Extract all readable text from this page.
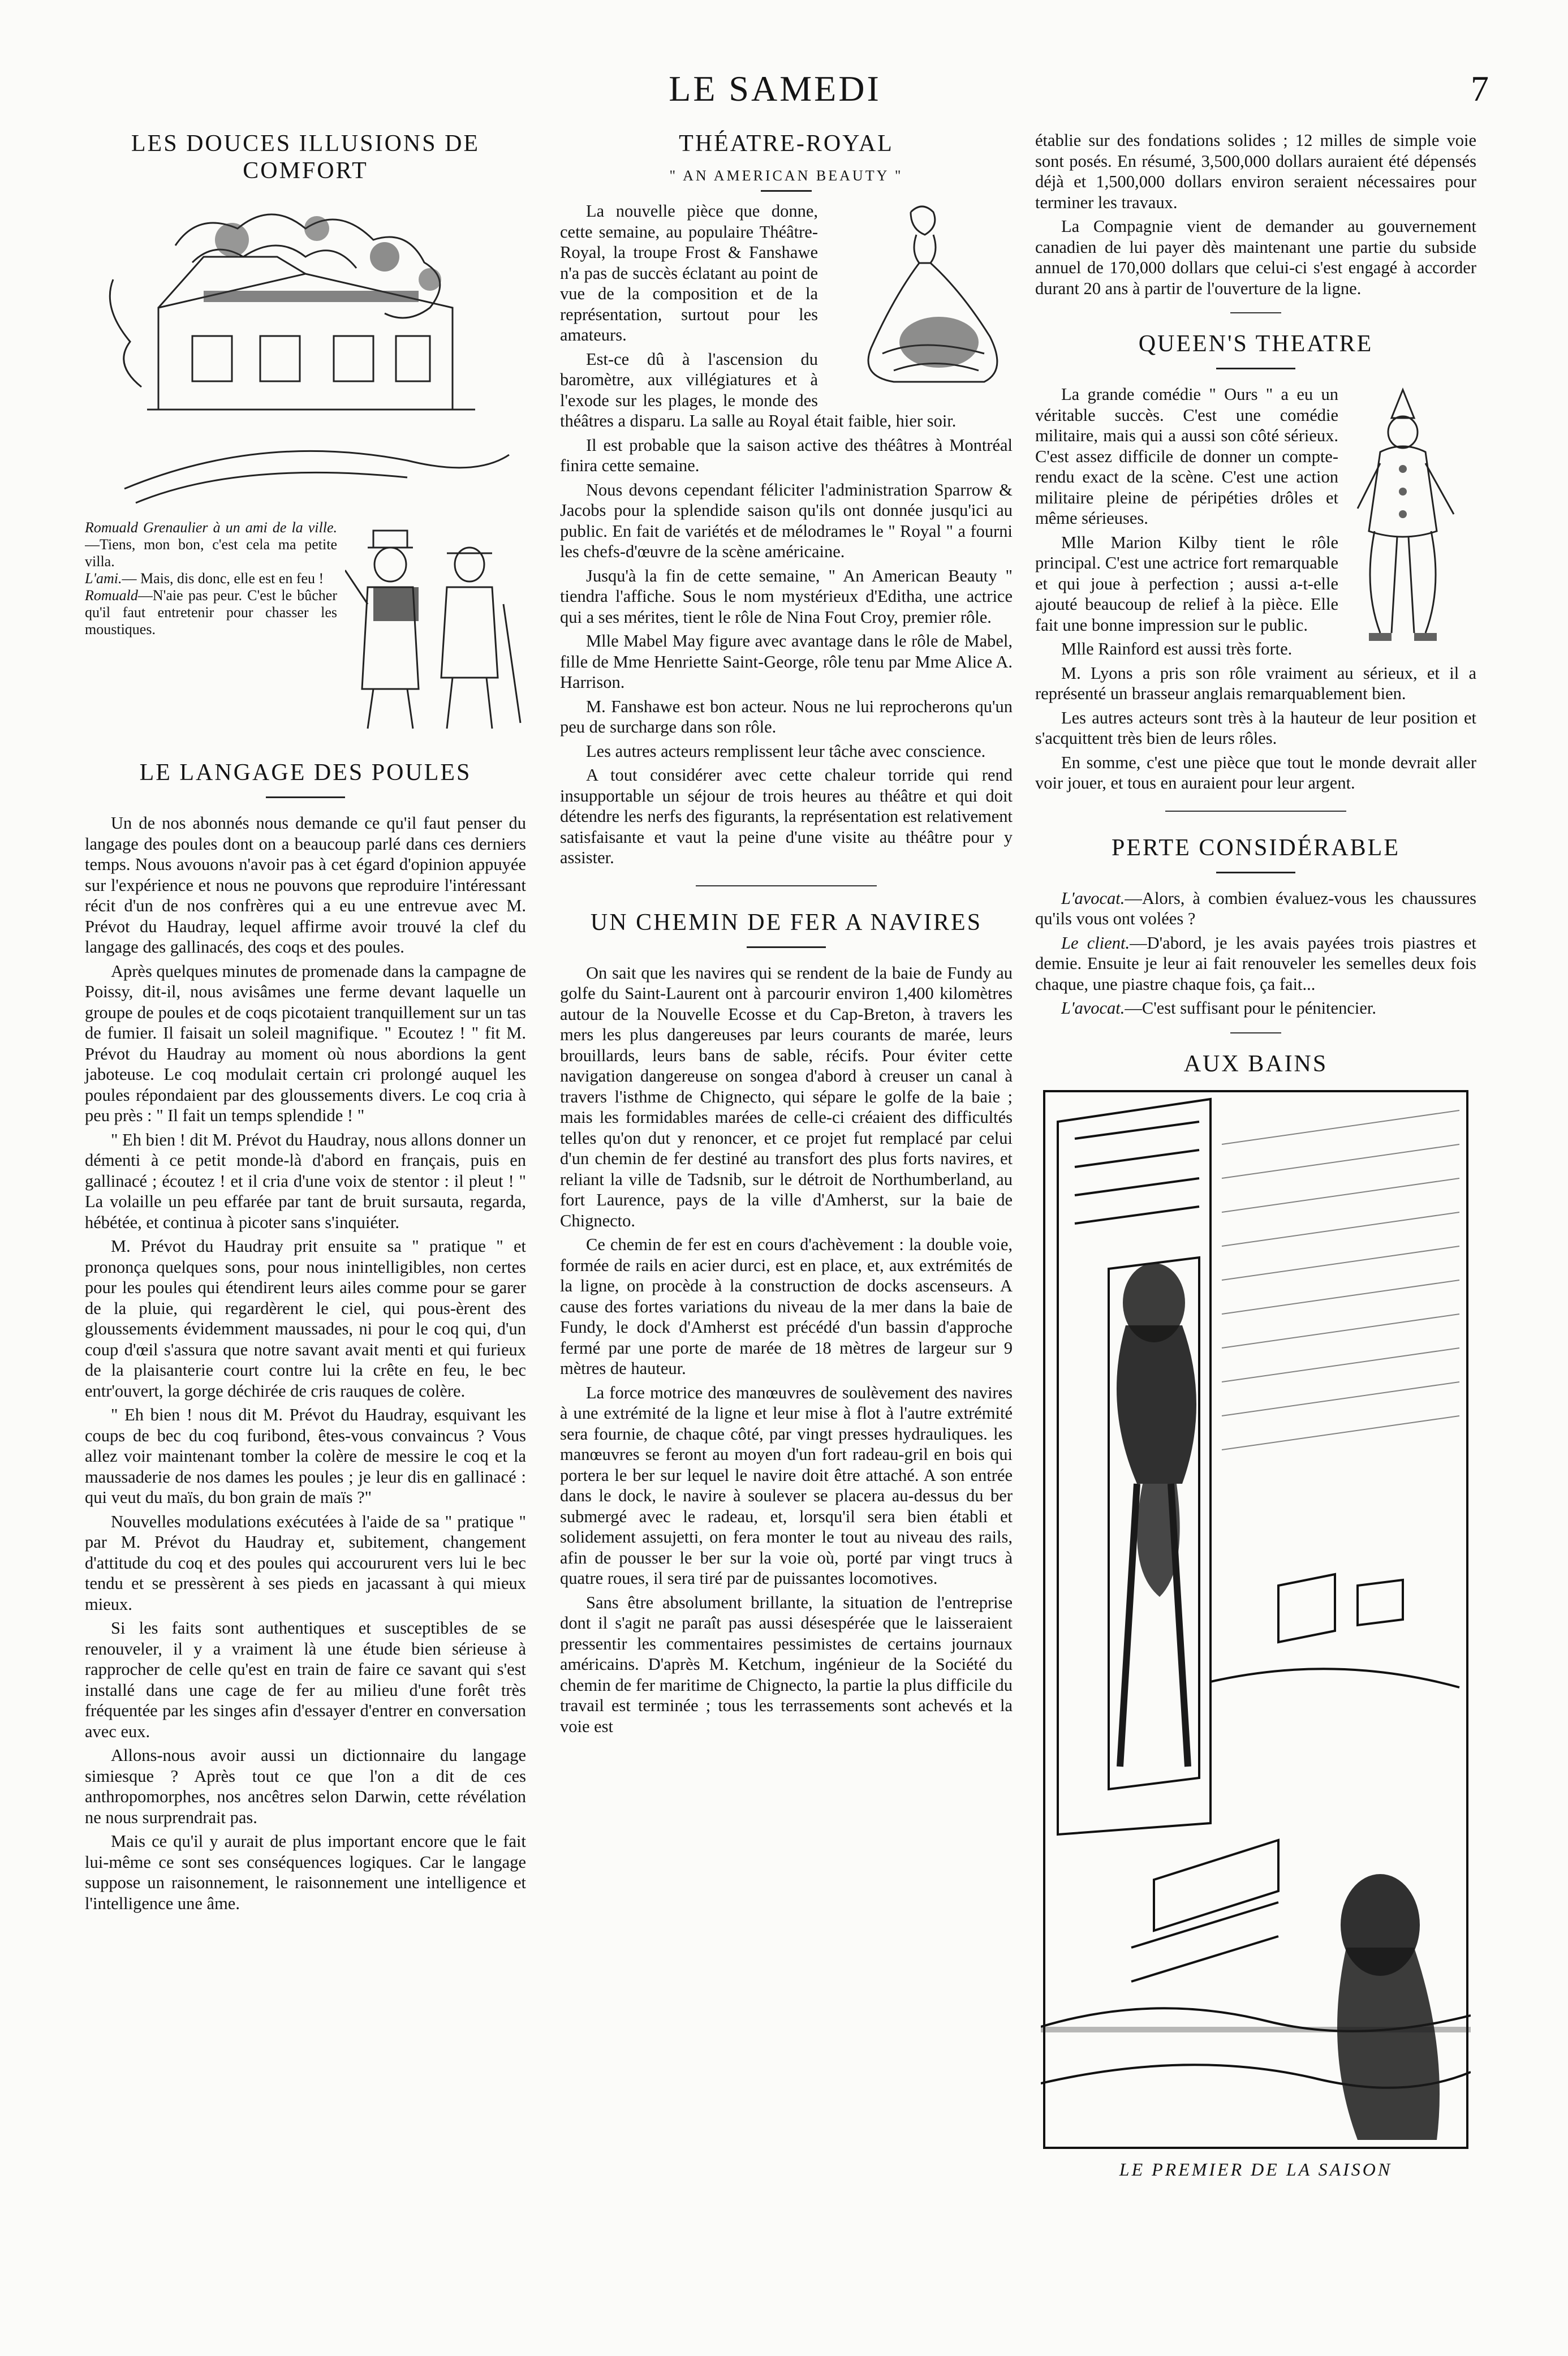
LE SAMEDI	7
LES DOUCES ILLUSIONS DE COMFORT
Romuald Grenaulier à un ami de la ville.—Tiens, mon bon, c'est cela ma petite villa.
L'ami.— Mais, dis donc, elle est en feu !
Romuald—N'aie pas peur. C'est le bûcher qu'il faut entretenir pour chasser les moustiques.
LE LANGAGE DES POULES

Un de nos abonnés nous demande ce qu'il faut penser du langage des poules dont on a beaucoup parlé dans ces derniers temps. Nous avouons n'avoir pas à cet égard d'opinion appuyée sur l'expérience et nous ne pouvons que reproduire l'intéressant récit d'un de nos confrères qui a eu une entrevue avec M. Prévot du Haudray, lequel affirme avoir trouvé la clef du langage des gallinacés, des coqs et des poules.

Après quelques minutes de promenade dans la campagne de Poissy, dit-il, nous avisâmes une ferme devant laquelle un groupe de poules et de coqs picotaient tranquillement sur un tas de fumier. Il faisait un soleil magnifique. " Ecoutez ! " fit M. Prévot du Haudray au moment où nous abordions la gent jaboteuse. Le coq modulait certain cri prolongé auquel les poules répondaient par des gloussements divers. Le coq cria à peu près : " Il fait un temps splendide ! "

" Eh bien ! dit M. Prévot du Haudray, nous allons donner un démenti à ce petit monde-là d'abord en français, puis en gallinacé ; écoutez ! et il cria d'une voix de stentor : il pleut ! " La volaille un peu effarée par tant de bruit sursauta, regarda, hébétée, et continua à picoter sans s'inquiéter.

M. Prévot du Haudray prit ensuite sa " pratique " et prononça quelques sons, pour nous inintelligibles, non certes pour les poules qui étendirent leurs ailes comme pour se garer de la pluie, qui regardèrent le ciel, qui pous-èrent des gloussements évidemment maussades, ni pour le coq qui, d'un coup d'œil s'assura que notre savant avait menti et qui furieux de la plaisanterie court contre lui la crête en feu, le bec entr'ouvert, la gorge déchirée de cris rauques de colère.

" Eh bien ! nous dit M. Prévot du Haudray, esquivant les coups de bec du coq furibond, êtes-vous convaincus ? Vous allez voir maintenant tomber la colère de messire le coq et la maussaderie de nos dames les poules ; je leur dis en gallinacé : qui veut du maïs, du bon grain de maïs ?"

Nouvelles modulations exécutées à l'aide de sa " pratique " par M. Prévot du Haudray et, subitement, changement d'attitude du coq et des poules qui accoururent vers lui le bec tendu et se pressèrent à ses pieds en jacassant à qui mieux mieux.

Si les faits sont authentiques et susceptibles de se renouveler, il y a vraiment là une étude bien sérieuse à rapprocher de celle qu'est en train de faire ce savant qui s'est installé dans une cage de fer au milieu d'une forêt très fréquentée par les singes afin d'essayer d'entrer en conversation avec eux.

Allons-nous avoir aussi un dictionnaire du langage simiesque ? Après tout ce que l'on a dit de ces anthropomorphes, nos ancêtres selon Darwin, cette révélation ne nous surprendrait pas.

Mais ce qu'il y aurait de plus important encore que le fait lui-même ce sont ses conséquences logiques. Car le langage suppose un raisonnement, le raisonnement une intelligence et l'intelligence une âme.

THÉATRE-ROYAL
" AN AMERICAN BEAUTY "

La nouvelle pièce que donne, cette semaine, au populaire Théâtre-Royal, la troupe Frost & Fanshawe n'a pas de succès éclatant au point de vue de la composition et de la représentation, surtout pour les amateurs.

Est-ce dû à l'ascension du baromètre, aux villégiatures et à l'exode sur les plages, le monde des théâtres a disparu. La salle au Royal était faible, hier soir.

Il est probable que la saison active des théâtres à Montréal finira cette semaine.

Nous devons cependant féliciter l'administration Sparrow & Jacobs pour la splendide saison qu'ils ont donnée jusqu'ici au public. En fait de variétés et de mélodrames le " Royal " a fourni les chefs-d'œuvre de la scène américaine.

Jusqu'à la fin de cette semaine, " An American Beauty " tiendra l'affiche. Sous le nom mystérieux d'Editha, une actrice qui a ses mérites, tient le rôle de Nina Fout Croy, premier rôle.

Mlle Mabel May figure avec avantage dans le rôle de Mabel, fille de Mme Henriette Saint-George, rôle tenu par Mme Alice A. Harrison.

M. Fanshawe est bon acteur. Nous ne lui reprocherons qu'un peu de surcharge dans son rôle.

Les autres acteurs remplissent leur tâche avec conscience.

A tout considérer avec cette chaleur torride qui rend insupportable un séjour de trois heures au théâtre et qui doit détendre les nerfs des figurants, la représentation est relativement satisfaisante et vaut la peine d'une visite au théâtre pour y assister.

UN CHEMIN DE FER A NAVIRES

On sait que les navires qui se rendent de la baie de Fundy au golfe du Saint-Laurent ont à parcourir environ 1,400 kilomètres autour de la Nouvelle Ecosse et du Cap-Breton, à travers les mers les plus dangereuses par leurs courants de marée, leurs brouillards, leurs bans de sable, récifs. Pour éviter cette navigation dangereuse on songea d'abord à creuser un canal à travers l'isthme de Chignecto, qui sépare le golfe de la baie ; mais les formidables marées de celle-ci créaient des difficultés telles qu'on dut y renoncer, et ce projet fut remplacé par celui d'un chemin de fer destiné au transfort des plus forts navires, et reliant la ville de Tadsnib, sur le détroit de Northumberland, au fort Laurence, pays de la ville d'Amherst, sur la baie de Chignecto.

Ce chemin de fer est en cours d'achèvement : la double voie, formée de rails en acier durci, est en place, et, aux extrémités de la ligne, on procède à la construction de docks ascenseurs. A cause des fortes variations du niveau de la mer dans la baie de Fundy, le dock d'Amherst est précédé d'un bassin d'approche fermé par une porte de marée de 18 mètres de largeur sur 9 mètres de hauteur.

La force motrice des manœuvres de soulèvement des navires à une extrémité de la ligne et leur mise à flot à l'autre extrémité sera fournie, de chaque côté, par vingt presses hydrauliques. les manœuvres se feront au moyen d'un fort radeau-gril en bois qui portera le ber sur lequel le navire doit être attaché. A son entrée dans le dock, le navire à soulever se placera au-dessus du ber submergé avec le radeau, et, lorsqu'il sera bien établi et solidement assujetti, on fera monter le tout au niveau des rails, afin de pousser le ber sur la voie où, porté par vingt trucs à quatre roues, il sera tiré par de puissantes locomotives.

Sans être absolument brillante, la situation de l'entreprise dont il s'agit ne paraît pas aussi désespérée que le laisseraient pressentir les commentaires pessimistes de certains journaux américains. D'après M. Ketchum, ingénieur de la Société du chemin de fer maritime de Chignecto, la partie la plus difficile du travail est terminée ; tous les terrassements sont achevés et la voie est

établie sur des fondations solides ; 12 milles de simple voie sont posés. En résumé, 3,500,000 dollars auraient été dépensés déjà et 1,500,000 dollars environ seraient nécessaires pour terminer les travaux.

La Compagnie vient de demander au gouvernement canadien de lui payer dès maintenant une partie du subside annuel de 170,000 dollars que celui-ci s'est engagé à accorder durant 20 ans à partir de l'ouverture de la ligne.

QUEEN'S THEATRE

La grande comédie " Ours " a eu un véritable succès. C'est une comédie militaire, mais qui a aussi son côté sérieux. C'est assez difficile de donner un compte-rendu exact de la scène. C'est une action militaire pleine de péripéties drôles et même sérieuses.

Mlle Marion Kilby tient le rôle principal. C'est une actrice fort remarquable et qui joue à perfection ; aussi a-t-elle ajouté beaucoup de relief à la pièce. Elle fait une bonne impression sur le public.

Mlle Rainford est aussi très forte.

M. Lyons a pris son rôle vraiment au sérieux, et il a représenté un brasseur anglais remarquablement bien.

Les autres acteurs sont très à la hauteur de leur position et s'acquittent très bien de leurs rôles.

En somme, c'est une pièce que tout le monde devrait aller voir jouer, et tous en auraient pour leur argent.

PERTE CONSIDÉRABLE

L'avocat.—Alors, à combien évaluez-vous les chaussures qu'ils vous ont volées ?

Le client.—D'abord, je les avais payées trois piastres et demie. Ensuite je leur ai fait renouveler les semelles deux fois chaque, une piastre chaque fois, ça fait...

L'avocat.—C'est suffisant pour le pénitencier.

AUX BAINS
LE PREMIER DE LA SAISON
